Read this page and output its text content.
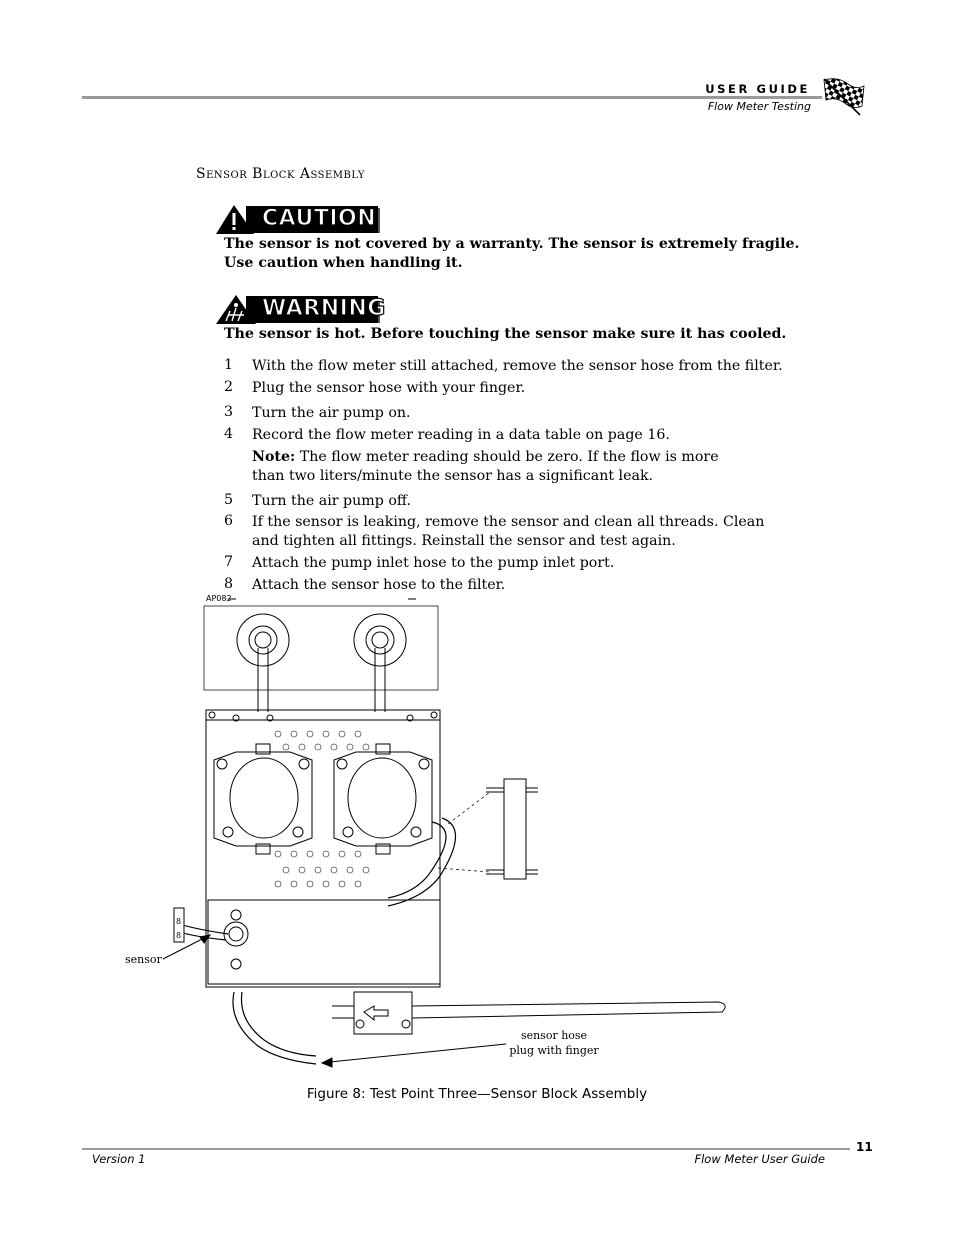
USER GUIDE
Flow Meter Testing
Sensor Block Assembly
CAUTION
The sensor is not covered by a warranty. The sensor is extremely fragile. Use caution when handling it.
WARNING
The sensor is hot. Before touching the sensor make sure it has cooled.
1 With the flow meter still attached, remove the sensor hose from the filter.
2 Plug the sensor hose with your finger.
3 Turn the air pump on.
4 Record the flow meter reading in a data table on page 16.
Note: The flow meter reading should be zero. If the flow is more than two liters/minute the sensor has a significant leak.
5 Turn the air pump off.
6 If the sensor is leaking, remove the sensor and clean all threads. Clean and tighten all fittings. Reinstall the sensor and test again.
7 Attach the pump inlet hose to the pump inlet port.
8 Attach the sensor hose to the filter.
AP082
8
8
sensor
sensor hose
plug with finger
Figure 8: Test Point Three—Sensor Block Assembly
11
Version 1	Flow Meter User Guide
